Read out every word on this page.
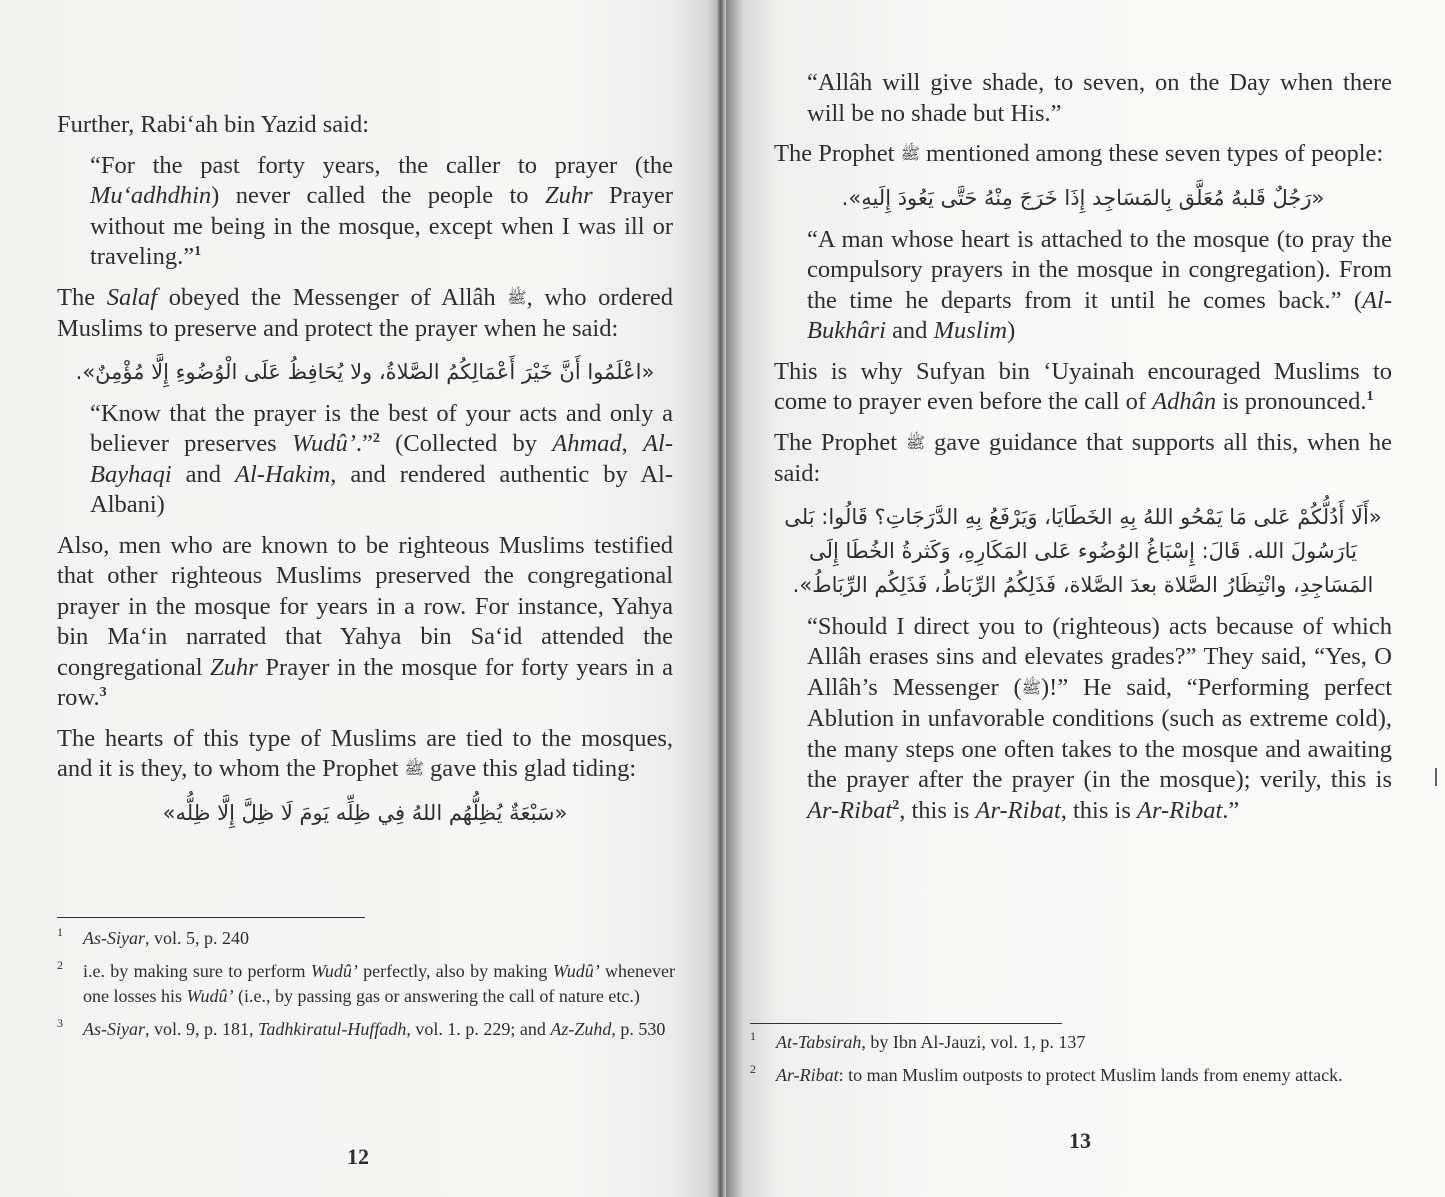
Further, Rabi‘ah bin Yazid said:

“For the past forty years, the caller to prayer (the Mu‘adhdhin) never called the people to Zuhr Prayer without me being in the mosque, except when I was ill or traveling.”$^1$

The Salaf obeyed the Messenger of Allâh ﷺ, who ordered Muslims to preserve and protect the prayer when he said:

«اعْلَمُوا أَنَّ خَيْرَ أَعْمَالِكُمُ الصَّلاةُ، ولا يُحَافِظُ عَلَى الْوُضُوءِ إِلَّا مُؤْمِنٌ».

“Know that the prayer is the best of your acts and only a believer preserves Wudû’.”$^2$ (Collected by Ahmad, Al-Bayhaqi and Al-Hakim, and rendered authentic by Al-Albani)

Also, men who are known to be righteous Muslims testified that other righteous Muslims preserved the congregational prayer in the mosque for years in a row. For instance, Yahya bin Ma‘in narrated that Yahya bin Sa‘id attended the congregational Zuhr Prayer in the mosque for forty years in a row.$^3$

The hearts of this type of Muslims are tied to the mosques, and it is they, to whom the Prophet ﷺ gave this glad tiding:

«سَبْعَةٌ يُظِلُّهُم اللهُ فِي ظِلِّه يَومَ لَا ظِلَّ إِلَّا ظِلُّه»

1 As-Siyar, vol. 5, p. 240
2 i.e. by making sure to perform Wudû’ perfectly, also by making Wudû’ whenever one losses his Wudû’ (i.e., by passing gas or answering the call of nature etc.)
3 As-Siyar, vol. 9, p. 181, Tadhkiratul-Huffadh, vol. 1. p. 229; and Az-Zuhd, p. 530
12

“Allâh will give shade, to seven, on the Day when there will be no shade but His.”

The Prophet ﷺ mentioned among these seven types of people:

«رَجُلٌ قَلبهُ مُعَلَّق بِالمَسَاجِد إِذَا خَرَجَ مِنْهُ حَتَّى يَعُودَ إِلَيهِ».

“A man whose heart is attached to the mosque (to pray the compulsory prayers in the mosque in congregation). From the time he departs from it until he comes back.” (Al-Bukhâri and Muslim)

This is why Sufyan bin ‘Uyainah encouraged Muslims to come to prayer even before the call of Adhân is pronounced.$^1$

The Prophet ﷺ gave guidance that supports all this, when he said:

«أَلَا أَدُلُّكُمْ عَلى مَا يَمْحُو اللهُ بِهِ الخَطَايَا، وَيَرْفَعُ بِهِ الدَّرَجَاتِ؟ قَالُوا: بَلى يَارَسُولَ الله. قَالَ: إِسْبَاغُ الوُضُوء عَلى المَكَارِهِ، وَكَثرةُ الخُطَا إِلَى المَسَاجِدِ، وانْتِظَارُ الصَّلاة بعدَ الصَّلاة، فَذَلِكُمُ الرِّبَاطُ، فَذَلِكُم الرِّبَاطُ».

“Should I direct you to (righteous) acts because of which Allâh erases sins and elevates grades?” They said, “Yes, O Allâh’s Messenger (ﷺ)!” He said, “Performing perfect Ablution in unfavorable conditions (such as extreme cold), the many steps one often takes to the mosque and awaiting the prayer after the prayer (in the mosque); verily, this is Ar-Ribat$^2$, this is Ar-Ribat, this is Ar-Ribat.”

1 At-Tabsirah, by Ibn Al-Jauzi, vol. 1, p. 137
2 Ar-Ribat: to man Muslim outposts to protect Muslim lands from enemy attack.
13
